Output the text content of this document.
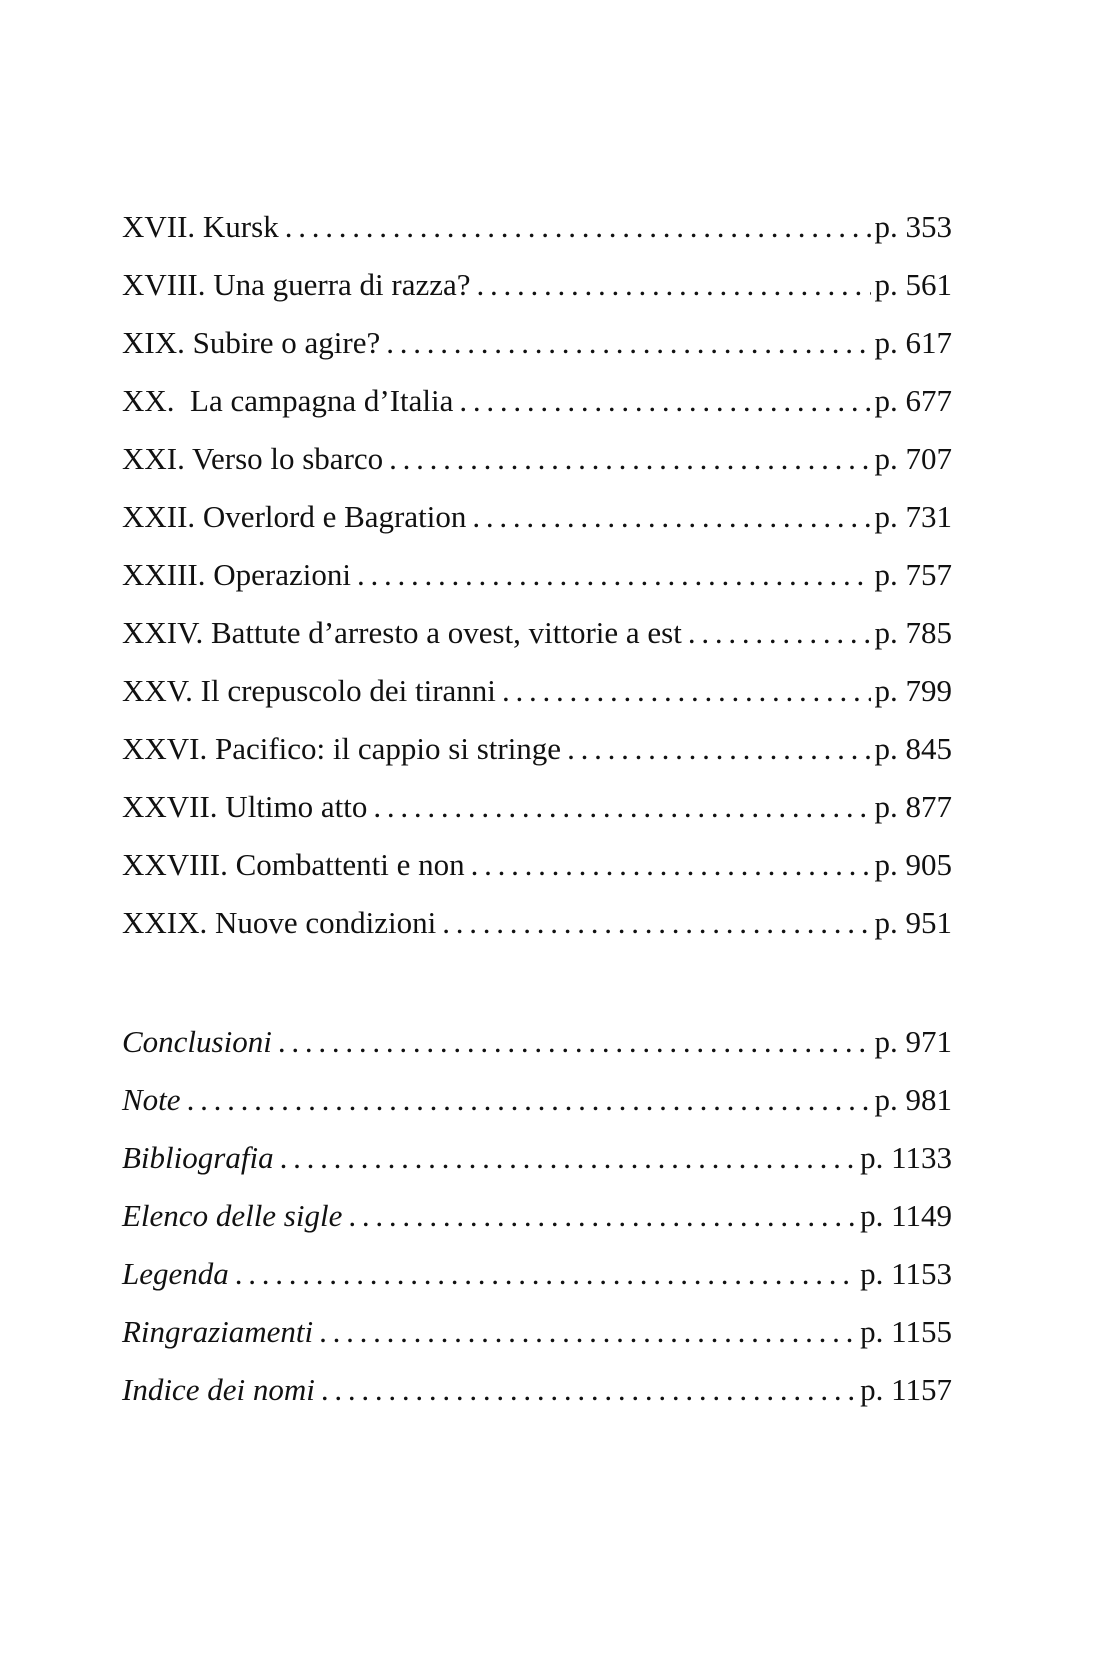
XVII. Kursk . . .	p. 353
XVIII. Una guerra di razza? . . .	p. 561
XIX. Subire o agire? . . .	p. 617
XX.  La campagna d’Italia . . .	p. 677
XXI. Verso lo sbarco . . .	p. 707
XXII. Overlord e Bagration . . .	p. 731
XXIII. Operazioni . . .	p. 757
XXIV. Battute d’arresto a ovest, vittorie a est . . .	p. 785
XXV. Il crepuscolo dei tiranni . . .	p. 799
XXVI. Pacifico: il cappio si stringe . . .	p. 845
XXVII. Ultimo atto . . .	p. 877
XXVIII. Combattenti e non . . .	p. 905
XXIX. Nuove condizioni . . .	p. 951
Conclusioni . . .	p. 971
Note . . .	p. 981
Bibliografia . . .	p. 1133
Elenco delle sigle . . .	p. 1149
Legenda . . .	p. 1153
Ringraziamenti . . .	p. 1155
Indice dei nomi . . .	p. 1157
